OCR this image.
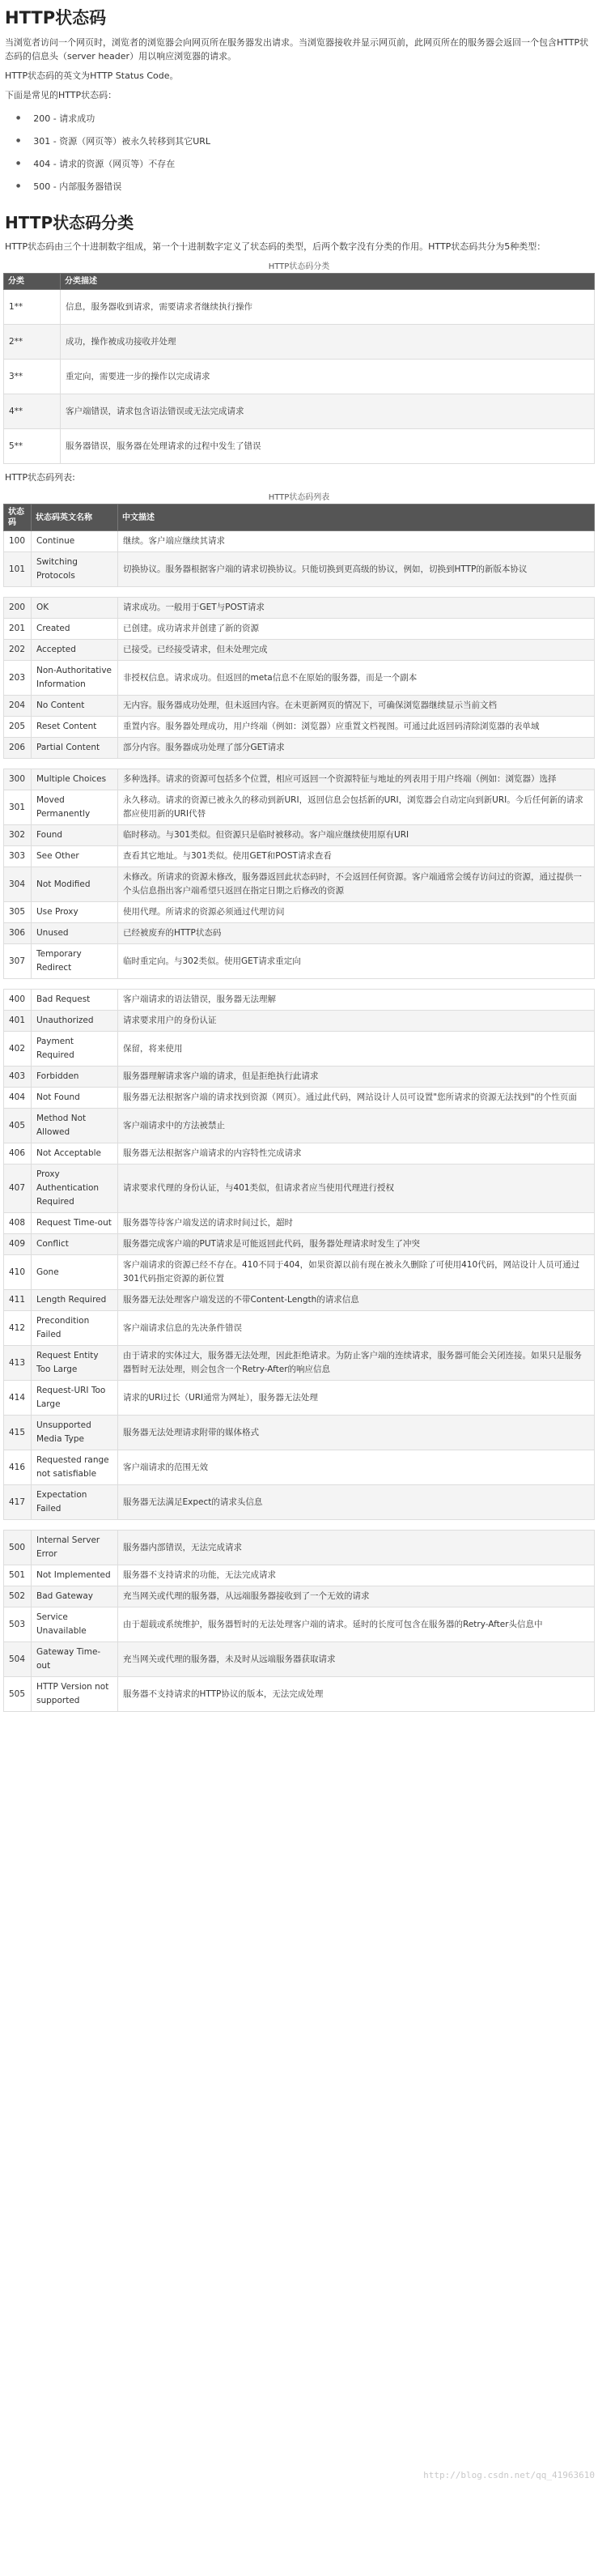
HTTP状态码

当浏览者访问一个网页时，浏览者的浏览器会向网页所在服务器发出请求。当浏览器接收并显示网页前，此网页所在的服务器会返回一个包含HTTP状态码的信息头（server header）用以响应浏览器的请求。

HTTP状态码的英文为HTTP Status Code。

下面是常见的HTTP状态码：

● 200 - 请求成功
● 301 - 资源（网页等）被永久转移到其它URL
● 404 - 请求的资源（网页等）不存在
● 500 - 内部服务器错误
HTTP状态码分类

HTTP状态码由三个十进制数字组成，第一个十进制数字定义了状态码的类型，后两个数字没有分类的作用。HTTP状态码共分为5种类型：

HTTP状态码分类
分类	分类描述
1**	信息，服务器收到请求，需要请求者继续执行操作
2**	成功，操作被成功接收并处理
3**	重定向，需要进一步的操作以完成请求
4**	客户端错误，请求包含语法错误或无法完成请求
5**	服务器错误，服务器在处理请求的过程中发生了错误

HTTP状态码列表:

HTTP状态码列表
状态码	状态码英文名称	中文描述
100	Continue	继续。客户端应继续其请求
101	Switching Protocols	切换协议。服务器根据客户端的请求切换协议。只能切换到更高级的协议，例如，切换到HTTP的新版本协议

200	OK	请求成功。一般用于GET与POST请求
201	Created	已创建。成功请求并创建了新的资源
202	Accepted	已接受。已经接受请求，但未处理完成
203	Non-Authoritative Information	非授权信息。请求成功。但返回的meta信息不在原始的服务器，而是一个副本
204	No Content	无内容。服务器成功处理，但未返回内容。在未更新网页的情况下，可确保浏览器继续显示当前文档
205	Reset Content	重置内容。服务器处理成功，用户终端（例如：浏览器）应重置文档视图。可通过此返回码清除浏览器的表单域
206	Partial Content	部分内容。服务器成功处理了部分GET请求

300	Multiple Choices	多种选择。请求的资源可包括多个位置，相应可返回一个资源特征与地址的列表用于用户终端（例如：浏览器）选择
301	Moved Permanently	永久移动。请求的资源已被永久的移动到新URI，返回信息会包括新的URI，浏览器会自动定向到新URI。今后任何新的请求都应使用新的URI代替
302	Found	临时移动。与301类似。但资源只是临时被移动。客户端应继续使用原有URI
303	See Other	查看其它地址。与301类似。使用GET和POST请求查看
304	Not Modified	未修改。所请求的资源未修改，服务器返回此状态码时，不会返回任何资源。客户端通常会缓存访问过的资源，通过提供一个头信息指出客户端希望只返回在指定日期之后修改的资源
305	Use Proxy	使用代理。所请求的资源必须通过代理访问
306	Unused	已经被废弃的HTTP状态码
307	Temporary Redirect	临时重定向。与302类似。使用GET请求重定向

400	Bad Request	客户端请求的语法错误，服务器无法理解
401	Unauthorized	请求要求用户的身份认证
402	Payment Required	保留，将来使用
403	Forbidden	服务器理解请求客户端的请求，但是拒绝执行此请求
404	Not Found	服务器无法根据客户端的请求找到资源（网页）。通过此代码，网站设计人员可设置"您所请求的资源无法找到"的个性页面
405	Method Not Allowed	客户端请求中的方法被禁止
406	Not Acceptable	服务器无法根据客户端请求的内容特性完成请求
407	Proxy Authentication Required	请求要求代理的身份认证，与401类似，但请求者应当使用代理进行授权
408	Request Time-out	服务器等待客户端发送的请求时间过长，超时
409	Conflict	服务器完成客户端的PUT请求是可能返回此代码，服务器处理请求时发生了冲突
410	Gone	客户端请求的资源已经不存在。410不同于404，如果资源以前有现在被永久删除了可使用410代码，网站设计人员可通过301代码指定资源的新位置
411	Length Required	服务器无法处理客户端发送的不带Content-Length的请求信息
412	Precondition Failed	客户端请求信息的先决条件错误
413	Request Entity Too Large	由于请求的实体过大，服务器无法处理，因此拒绝请求。为防止客户端的连续请求，服务器可能会关闭连接。如果只是服务器暂时无法处理，则会包含一个Retry-After的响应信息
414	Request-URI Too Large	请求的URI过长（URI通常为网址），服务器无法处理
415	Unsupported Media Type	服务器无法处理请求附带的媒体格式
416	Requested range not satisfiable	客户端请求的范围无效
417	Expectation Failed	服务器无法满足Expect的请求头信息

500	Internal Server Error	服务器内部错误，无法完成请求
501	Not Implemented	服务器不支持请求的功能，无法完成请求
502	Bad Gateway	充当网关或代理的服务器，从远端服务器接收到了一个无效的请求
503	Service Unavailable	由于超载或系统维护，服务器暂时的无法处理客户端的请求。延时的长度可包含在服务器的Retry-After头信息中
504	Gateway Time-out	充当网关或代理的服务器，未及时从远端服务器获取请求
505	HTTP Version not supported	服务器不支持请求的HTTP协议的版本，无法完成处理
http://blog.csdn.net/qq_41963610
